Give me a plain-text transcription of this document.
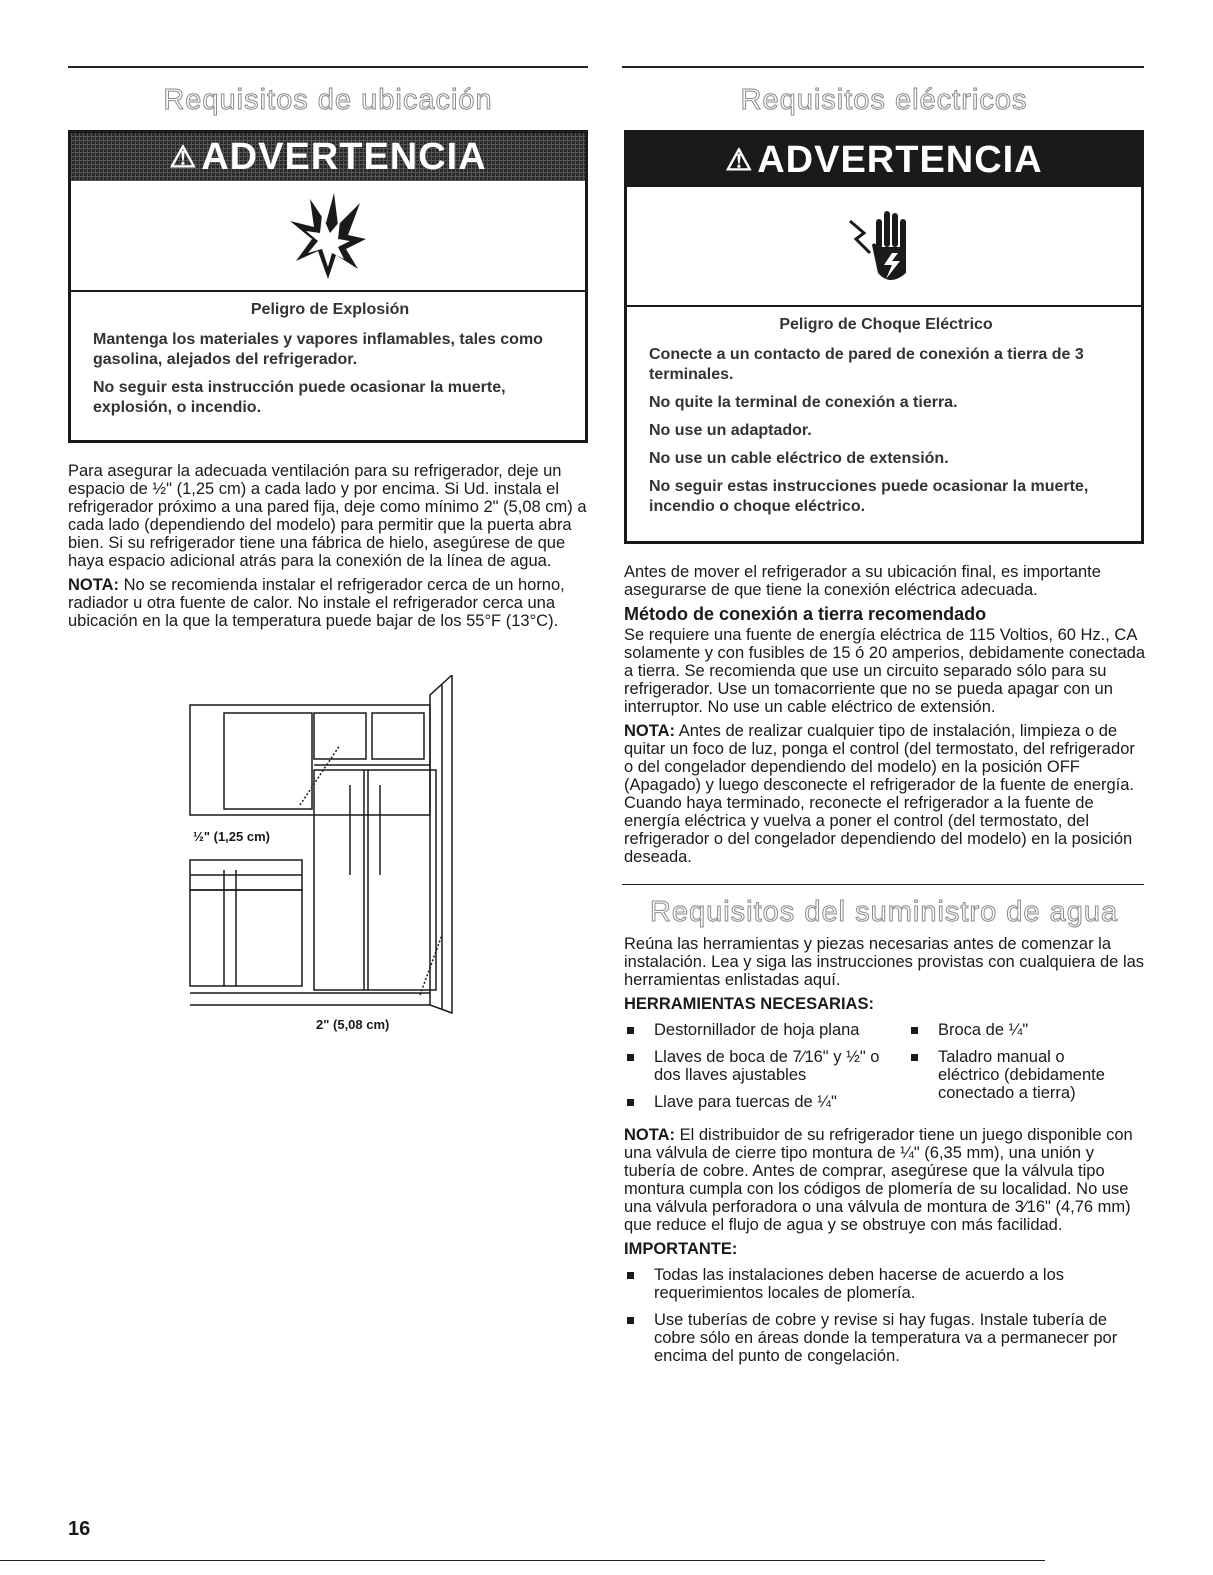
Requisitos de ubicación
⚠ ADVERTENCIA
Peligro de Explosión

Mantenga los materiales y vapores inflamables, tales como gasolina, alejados del refrigerador.

No seguir esta instrucción puede ocasionar la muerte, explosión, o incendio.

Para asegurar la adecuada ventilación para su refrigerador, deje un espacio de ½" (1,25 cm) a cada lado y por encima. Si Ud. instala el refrigerador próximo a una pared fija, deje como mínimo 2" (5,08 cm) a cada lado (dependiendo del modelo) para permitir que la puerta abra bien. Si su refrigerador tiene una fábrica de hielo, asegúrese de que haya espacio adicional atrás para la conexión de la línea de agua.

NOTA: No se recomienda instalar el refrigerador cerca de un horno, radiador u otra fuente de calor. No instale el refrigerador cerca una ubicación en la que la temperatura puede bajar de los 55°F (13°C).

½" (1,25 cm)
2" (5,08 cm)
Requisitos eléctricos
⚠ ADVERTENCIA
Peligro de Choque Eléctrico

Conecte a un contacto de pared de conexión a tierra de 3 terminales.

No quite la terminal de conexión a tierra.

No use un adaptador.

No use un cable eléctrico de extensión.

No seguir estas instrucciones puede ocasionar la muerte, incendio o choque eléctrico.

Antes de mover el refrigerador a su ubicación final, es importante asegurarse de que tiene la conexión eléctrica adecuada.

Método de conexión a tierra recomendado

Se requiere una fuente de energía eléctrica de 115 Voltios, 60 Hz., CA solamente y con fusibles de 15 ó 20 amperios, debidamente conectada a tierra. Se recomienda que use un circuito separado sólo para su refrigerador. Use un tomacorriente que no se pueda apagar con un interruptor. No use un cable eléctrico de extensión.

NOTA: Antes de realizar cualquier tipo de instalación, limpieza o de quitar un foco de luz, ponga el control (del termostato, del refrigerador o del congelador dependiendo del modelo) en la posición OFF (Apagado) y luego desconecte el refrigerador de la fuente de energía. Cuando haya terminado, reconecte el refrigerador a la fuente de energía eléctrica y vuelva a poner el control (del termostato, del refrigerador o del congelador dependiendo del modelo) en la posición deseada.

Requisitos del suministro de agua

Reúna las herramientas y piezas necesarias antes de comenzar la instalación. Lea y siga las instrucciones provistas con cualquiera de las herramientas enlistadas aquí.

HERRAMIENTAS NECESARIAS:
Destornillador de hoja plana
Llaves de boca de 7⁄16" y ½" o dos llaves ajustables
Llave para tuercas de ¼"
Broca de ¼"
Taladro manual o eléctrico (debidamente conectado a tierra)

NOTA: El distribuidor de su refrigerador tiene un juego disponible con una válvula de cierre tipo montura de ¼" (6,35 mm), una unión y tubería de cobre. Antes de comprar, asegúrese que la válvula tipo montura cumpla con los códigos de plomería de su localidad. No use una válvula perforadora o una válvula de montura de 3⁄16" (4,76 mm) que reduce el flujo de agua y se obstruye con más facilidad.

IMPORTANTE:
Todas las instalaciones deben hacerse de acuerdo a los requerimientos locales de plomería.
Use tuberías de cobre y revise si hay fugas. Instale tubería de cobre sólo en áreas donde la temperatura va a permanecer por encima del punto de congelación.
16
